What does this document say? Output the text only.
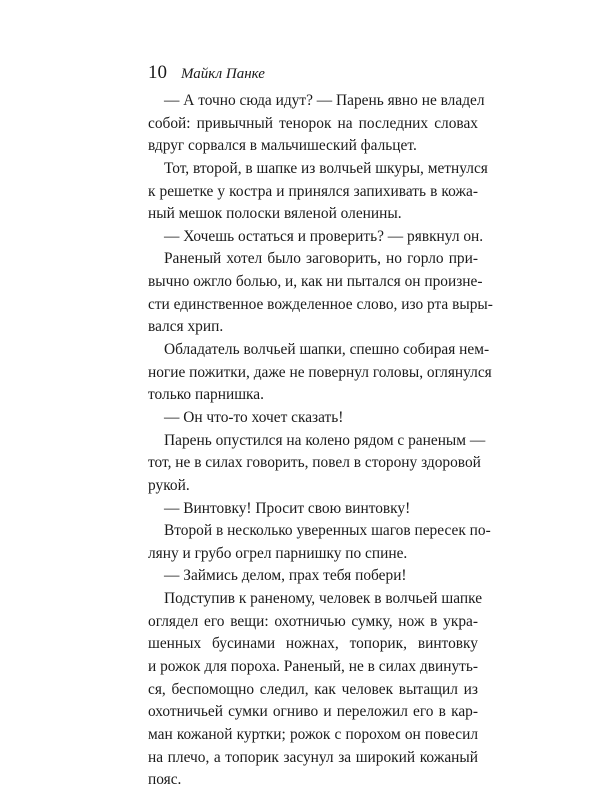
10 Майкл Панке
— А точно сюда идут? — Парень явно не владел
собой: привычный тенорок на последних словах
вдруг сорвался в мальчишеский фальцет.
Тот, второй, в шапке из волчьей шкуры, метнулся
к решетке у костра и принялся запихивать в кожа-
ный мешок полоски вяленой оленины.
— Хочешь остаться и проверить? — рявкнул он.
Раненый хотел было заговорить, но горло при-
вычно ожгло болью, и, как ни пытался он произне-
сти единственное вожделенное слово, изо рта выры-
вался хрип.
Обладатель волчьей шапки, спешно собирая нем-
ногие пожитки, даже не повернул головы, оглянулся
только парнишка.
— Он что-то хочет сказать!
Парень опустился на колено рядом с раненым —
тот, не в силах говорить, повел в сторону здоровой
рукой.
— Винтовку! Просит свою винтовку!
Второй в несколько уверенных шагов пересек по-
ляну и грубо огрел парнишку по спине.
— Займись делом, прах тебя побери!
Подступив к раненому, человек в волчьей шапке
оглядел его вещи: охотничью сумку, нож в укра-
шенных бусинами ножнах, топорик, винтовку
и рожок для пороха. Раненый, не в силах двинуть-
ся, беспомощно следил, как человек вытащил из
охотничьей сумки огниво и переложил его в кар-
ман кожаной куртки; рожок с порохом он повесил
на плечо, а топорик засунул за широкий кожаный
пояс.
